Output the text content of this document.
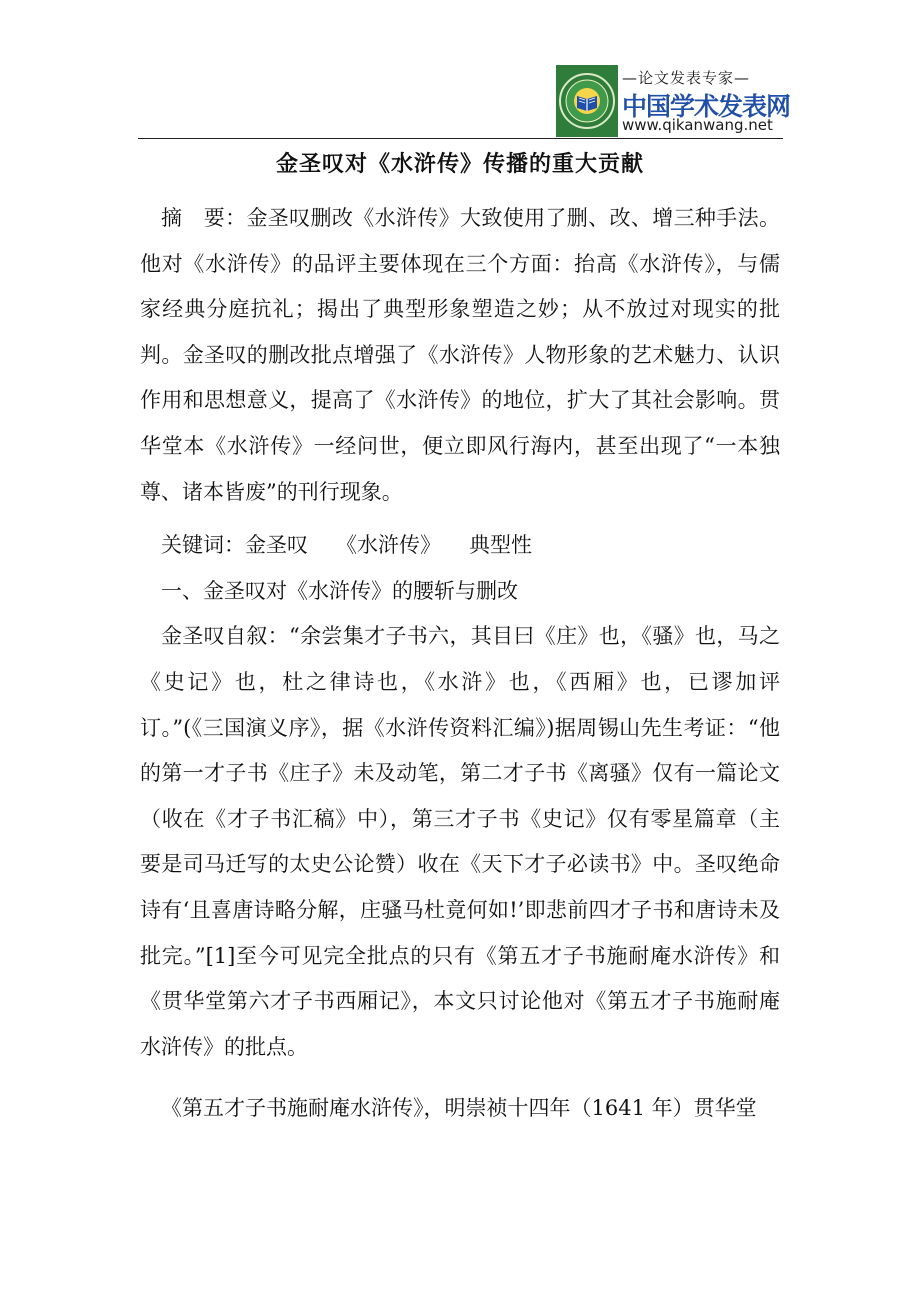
—论文发表专家—
中国学术发表网
www.qikanwang.net
金圣叹对《水浒传》传播的重大贡献

摘　要：金圣叹删改《水浒传》大致使用了删、改、增三种手法。他对《水浒传》的品评主要体现在三个方面：抬高《水浒传》，与儒家经典分庭抗礼；揭出了典型形象塑造之妙；从不放过对现实的批判。金圣叹的删改批点增强了《水浒传》人物形象的艺术魅力、认识作用和思想意义，提高了《水浒传》的地位，扩大了其社会影响。贯华堂本《水浒传》一经问世，便立即风行海内，甚至出现了“一本独尊、诸本皆废”的刊行现象。

关键词：金圣叹 《水浒传》 典型性

一、金圣叹对《水浒传》的腰斩与删改

金圣叹自叙：“余尝集才子书六，其目曰《庄》也，《骚》也，马之《史记》也，杜之律诗也，《水浒》也，《西厢》也，已谬加评订。”(《三国演义序》，据《水浒传资料汇编》)据周锡山先生考证：“他的第一才子书《庄子》未及动笔，第二才子书《离骚》仅有一篇论文（收在《才子书汇稿》中），第三才子书《史记》仅有零星篇章（主要是司马迁写的太史公论赞）收在《天下才子必读书》中。圣叹绝命诗有‘且喜唐诗略分解，庄骚马杜竟何如!’即悲前四才子书和唐诗未及批完。”[1]至今可见完全批点的只有《第五才子书施耐庵水浒传》和《贯华堂第六才子书西厢记》，本文只讨论他对《第五才子书施耐庵水浒传》的批点。

《第五才子书施耐庵水浒传》，明崇祯十四年（1641 年）贯华堂
